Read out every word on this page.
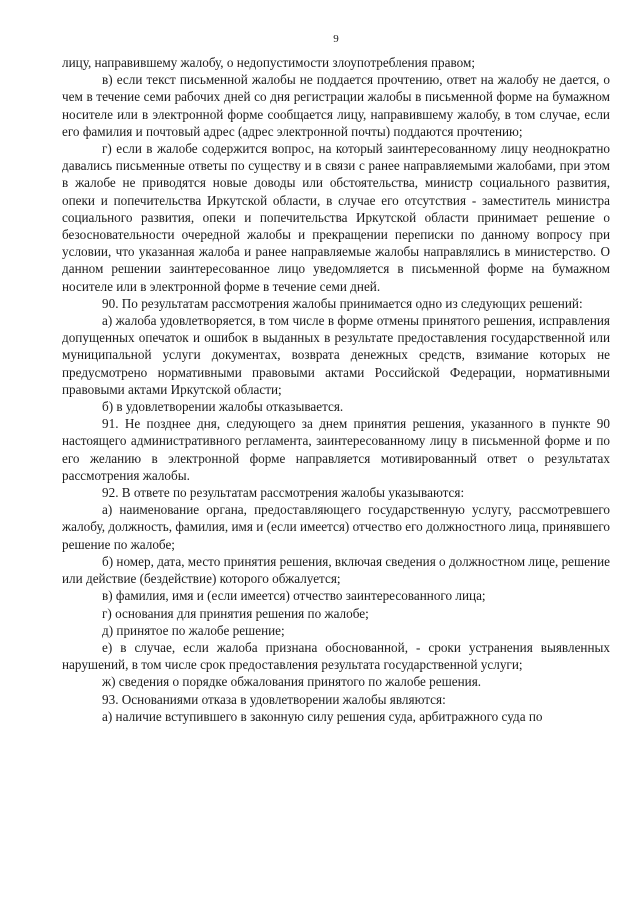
9

лицу, направившему жалобу, о недопустимости злоупотребления правом;

в) если текст письменной жалобы не поддается прочтению, ответ на жалобу не дается, о чем в течение семи рабочих дней со дня регистрации жалобы в письменной форме на бумажном носителе или в электронной форме сообщается лицу, направившему жалобу, в том случае, если его фамилия и почтовый адрес (адрес электронной почты) поддаются прочтению;

г) если в жалобе содержится вопрос, на который заинтересованному лицу неоднократно давались письменные ответы по существу и в связи с ранее направляемыми жалобами, при этом в жалобе не приводятся новые доводы или обстоятельства, министр социального развития, опеки и попечительства Иркутской области, в случае его отсутствия - заместитель министра социального развития, опеки и попечительства Иркутской области принимает решение о безосновательности очередной жалобы и прекращении переписки по данному вопросу при условии, что указанная жалоба и ранее направляемые жалобы направлялись в министерство. О данном решении заинтересованное лицо уведомляется в письменной форме на бумажном носителе или в электронной форме в течение семи дней.

90. По результатам рассмотрения жалобы принимается одно из следующих решений:

а) жалоба удовлетворяется, в том числе в форме отмены принятого решения, исправления допущенных опечаток и ошибок в выданных в результате предоставления государственной или муниципальной услуги документах, возврата денежных средств, взимание которых не предусмотрено нормативными правовыми актами Российской Федерации, нормативными правовыми актами Иркутской области;

б) в удовлетворении жалобы отказывается.

91. Не позднее дня, следующего за днем принятия решения, указанного в пункте 90 настоящего административного регламента, заинтересованному лицу в письменной форме и по его желанию в электронной форме направляется мотивированный ответ о результатах рассмотрения жалобы.

92. В ответе по результатам рассмотрения жалобы указываются:

а) наименование органа, предоставляющего государственную услугу, рассмотревшего жалобу, должность, фамилия, имя и (если имеется) отчество его должностного лица, принявшего решение по жалобе;

б) номер, дата, место принятия решения, включая сведения о должностном лице, решение или действие (бездействие) которого обжалуется;

в) фамилия, имя и (если имеется) отчество заинтересованного лица;

г) основания для принятия решения по жалобе;

д) принятое по жалобе решение;

е) в случае, если жалоба признана обоснованной, - сроки устранения выявленных нарушений, в том числе срок предоставления результата государственной услуги;

ж) сведения о порядке обжалования принятого по жалобе решения.

93. Основаниями отказа в удовлетворении жалобы являются:

а) наличие вступившего в законную силу решения суда, арбитражного суда по
